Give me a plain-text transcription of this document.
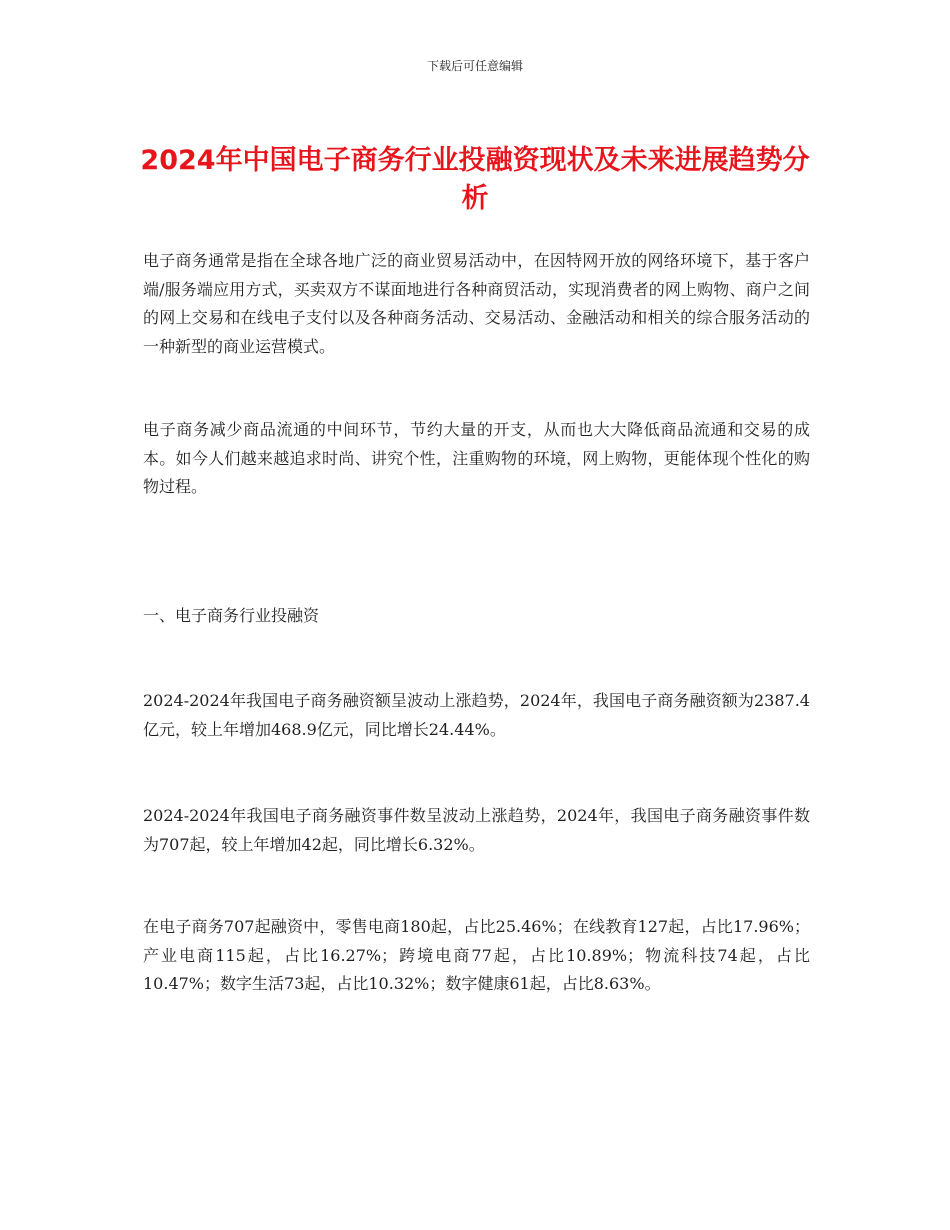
下载后可任意编辑
2024年中国电子商务行业投融资现状及未来进展趋势分析

电子商务通常是指在全球各地广泛的商业贸易活动中，在因特网开放的网络环境下，基于客户端/服务端应用方式，买卖双方不谋面地进行各种商贸活动，实现消费者的网上购物、商户之间的网上交易和在线电子支付以及各种商务活动、交易活动、金融活动和相关的综合服务活动的一种新型的商业运营模式。

电子商务减少商品流通的中间环节，节约大量的开支，从而也大大降低商品流通和交易的成本。如今人们越来越追求时尚、讲究个性，注重购物的环境，网上购物，更能体现个性化的购物过程。

一、电子商务行业投融资

2024-2024年我国电子商务融资额呈波动上涨趋势，2024年，我国电子商务融资额为2387.4亿元，较上年增加468.9亿元，同比增长24.44%。

2024-2024年我国电子商务融资事件数呈波动上涨趋势，2024年，我国电子商务融资事件数为707起，较上年增加42起，同比增长6.32%。

在电子商务707起融资中，零售电商180起，占比25.46%；在线教育127起，占比17.96%；产业电商115起，占比16.27%；跨境电商77起，占比10.89%；物流科技74起，占比10.47%；数字生活73起，占比10.32%；数字健康61起，占比8.63%。
